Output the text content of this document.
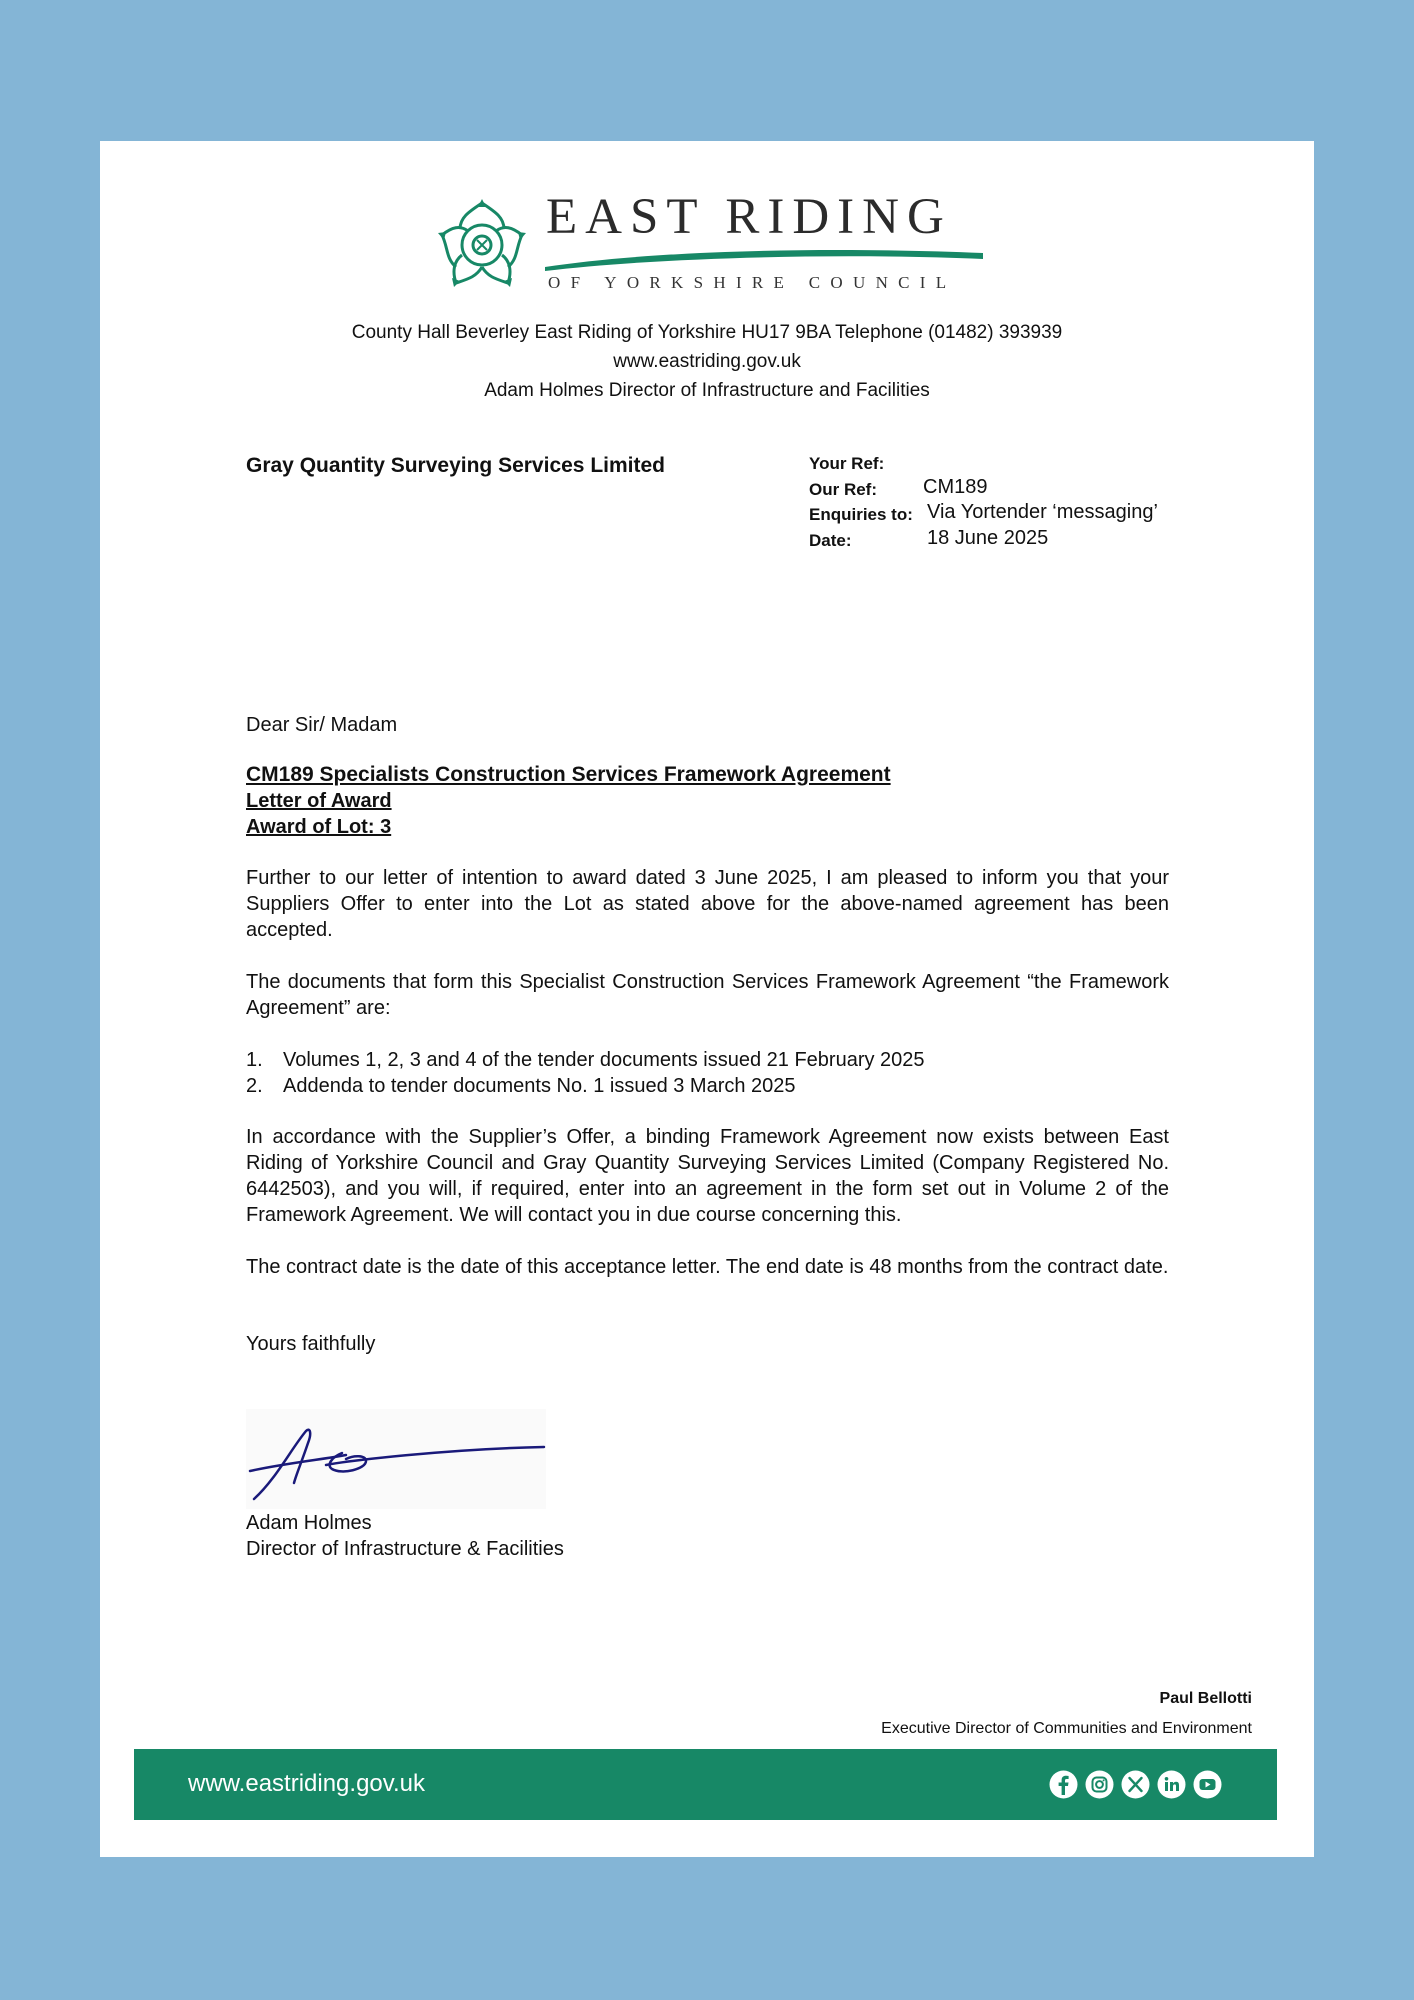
EAST RIDING
OF YORKSHIRE COUNCIL
County Hall Beverley East Riding of Yorkshire HU17 9BA Telephone (01482) 393939
www.eastriding.gov.uk
Adam Holmes Director of Infrastructure and Facilities
Gray Quantity Surveying Services Limited	Your Ref:
Our Ref: CM189
Enquiries to: Via Yortender ‘messaging’
Date:	18 June 2025
Dear Sir/ Madam
CM189 Specialists Construction Services Framework Agreement
Letter of Award
Award of Lot: 3
Further to our letter of intention to award dated 3 June 2025, I am pleased to inform you that your Suppliers Offer to enter into the Lot as stated above for the above-named agreement has been accepted.
The documents that form this Specialist Construction Services Framework Agreement “the Framework Agreement” are:
1. Volumes 1, 2, 3 and 4 of the tender documents issued 21 February 2025
2. Addenda to tender documents No. 1 issued 3 March 2025
In accordance with the Supplier’s Offer, a binding Framework Agreement now exists between East Riding of Yorkshire Council and Gray Quantity Surveying Services Limited (Company Registered No. 6442503), and you will, if required, enter into an agreement in the form set out in Volume 2 of the Framework Agreement. We will contact you in due course concerning this.
The contract date is the date of this acceptance letter. The end date is 48 months from the contract date.
Yours faithfully
Adam Holmes
Director of Infrastructure & Facilities
Paul Bellotti
Executive Director of Communities and Environment
www.eastriding.gov.uk
